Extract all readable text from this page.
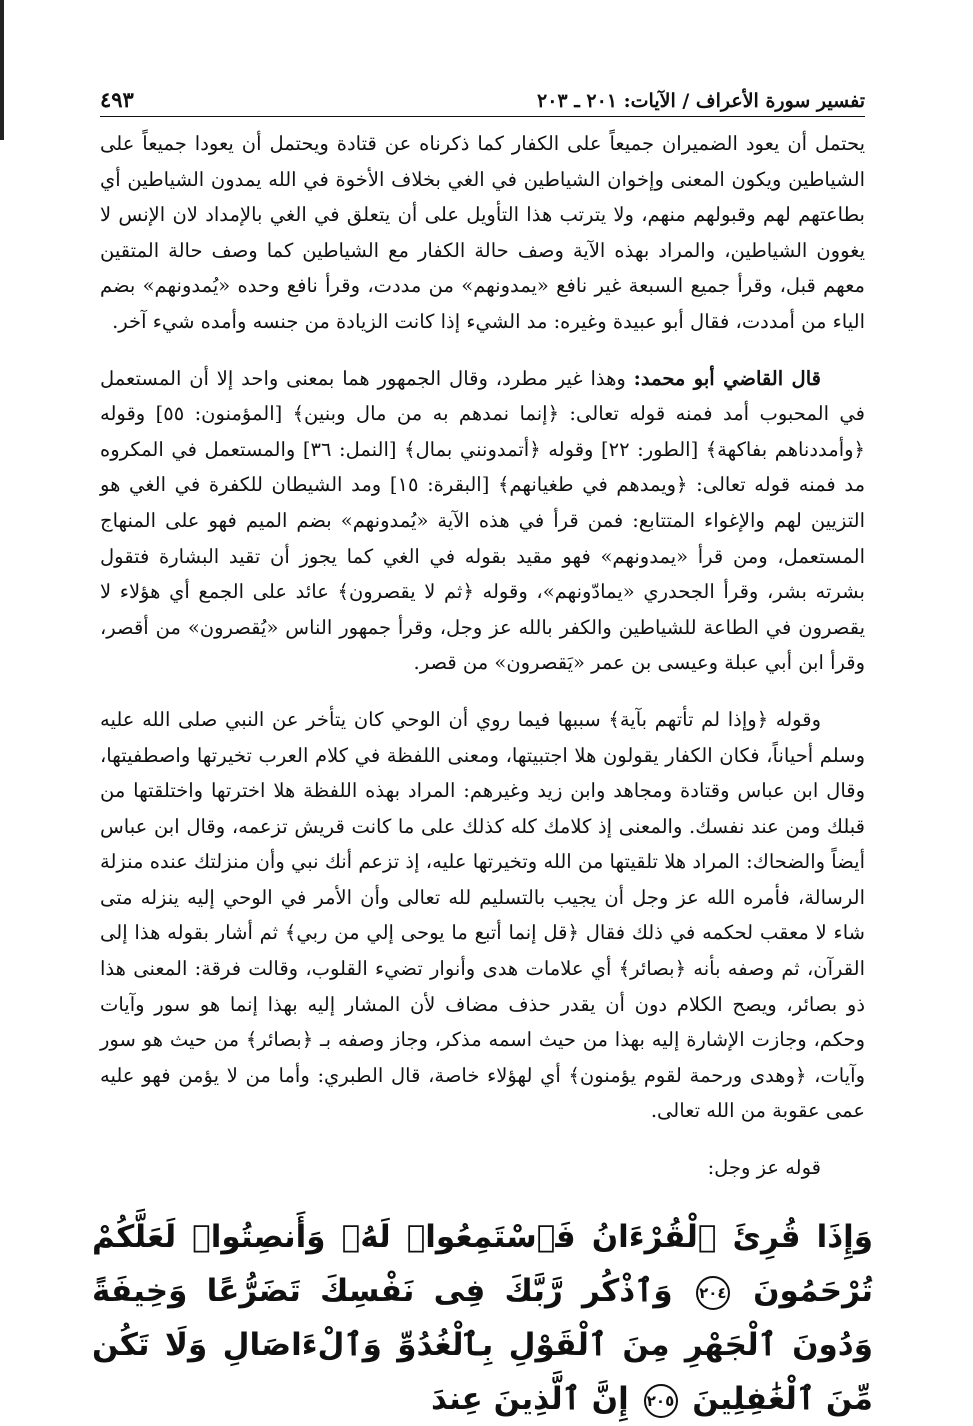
تفسير سورة الأعراف / الآيات: ٢٠١ ـ ٢٠٣
٤٩٣

يحتمل أن يعود الضميران جميعاً على الكفار كما ذكرناه عن قتادة ويحتمل أن يعودا جميعاً على الشياطين ويكون المعنى وإخوان الشياطين في الغي بخلاف الأخوة في الله يمدون الشياطين أي بطاعتهم لهم وقبولهم منهم، ولا يترتب هذا التأويل على أن يتعلق في الغي بالإمداد لان الإنس لا يغوون الشياطين، والمراد بهذه الآية وصف حالة الكفار مع الشياطين كما وصف حالة المتقين معهم قبل، وقرأ جميع السبعة غير نافع «يمدونهم» من مددت، وقرأ نافع وحده «يُمدونهم» بضم الياء من أمددت، فقال أبو عبيدة وغيره: مد الشيء إذا كانت الزيادة من جنسه وأمده شيء آخر.

قال القاضي أبو محمد: وهذا غير مطرد، وقال الجمهور هما بمعنى واحد إلا أن المستعمل في المحبوب أمد فمنه قوله تعالى: ﴿إنما نمدهم به من مال وبنين﴾ [المؤمنون: ٥٥] وقوله ﴿وأمددناهم بفاكهة﴾ [الطور: ٢٢] وقوله ﴿أتمدونني بمال﴾ [النمل: ٣٦] والمستعمل في المكروه مد فمنه قوله تعالى: ﴿ويمدهم في طغيانهم﴾ [البقرة: ١٥] ومد الشيطان للكفرة في الغي هو التزيين لهم والإغواء المتتابع: فمن قرأ في هذه الآية «يُمدونهم» بضم الميم فهو على المنهاج المستعمل، ومن قرأ «يمدونهم» فهو مقيد بقوله في الغي كما يجوز أن تقيد البشارة فتقول بشرته بشر، وقرأ الجحدري «يمادّونهم»، وقوله ﴿ثم لا يقصرون﴾ عائد على الجمع أي هؤلاء لا يقصرون في الطاعة للشياطين والكفر بالله عز وجل، وقرأ جمهور الناس «يُقصرون» من أقصر، وقرأ ابن أبي عبلة وعيسى بن عمر «يَقصرون» من قصر.

وقوله ﴿وإذا لم تأتهم بآية﴾ سببها فيما روي أن الوحي كان يتأخر عن النبي صلى الله عليه وسلم أحياناً، فكان الكفار يقولون هلا اجتبيتها، ومعنى اللفظة في كلام العرب تخيرتها واصطفيتها، وقال ابن عباس وقتادة ومجاهد وابن زيد وغيرهم: المراد بهذه اللفظة هلا اخترتها واختلقتها من قبلك ومن عند نفسك. والمعنى إذ كلامك كله كذلك على ما كانت قريش تزعمه، وقال ابن عباس أيضاً والضحاك: المراد هلا تلقيتها من الله وتخيرتها عليه، إذ تزعم أنك نبي وأن منزلتك عنده منزلة الرسالة، فأمره الله عز وجل أن يجيب بالتسليم لله تعالى وأن الأمر في الوحي إليه ينزله متى شاء لا معقب لحكمه في ذلك فقال ﴿قل إنما أتبع ما يوحى إلي من ربي﴾ ثم أشار بقوله هذا إلى القرآن، ثم وصفه بأنه ﴿بصائر﴾ أي علامات هدى وأنوار تضيء القلوب، وقالت فرقة: المعنى هذا ذو بصائر، ويصح الكلام دون أن يقدر حذف مضاف لأن المشار إليه بهذا إنما هو سور وآيات وحكم، وجازت الإشارة إليه بهذا من حيث اسمه مذكر، وجاز وصفه بـ ﴿بصائر﴾ من حيث هو سور وآيات، ﴿وهدى ورحمة لقوم يؤمنون﴾ أي لهؤلاء خاصة، قال الطبري: وأما من لا يؤمن فهو عليه عمى عقوبة من الله تعالى.

قوله عز وجل:

وَإِذَا قُرِئَ ٱلْقُرْءَانُ فَٱسْتَمِعُوا۟ لَهُۥ وَأَنصِتُوا۟ لَعَلَّكُمْ تُرْحَمُونَ ٢٠٤ وَٱذْكُر رَّبَّكَ فِى نَفْسِكَ تَضَرُّعًا وَخِيفَةً وَدُونَ ٱلْجَهْرِ مِنَ ٱلْقَوْلِ بِٱلْغُدُوِّ وَٱلْءَاصَالِ وَلَا تَكُن مِّنَ ٱلْغَٰفِلِينَ ٢٠٥ إِنَّ ٱلَّذِينَ عِندَ
